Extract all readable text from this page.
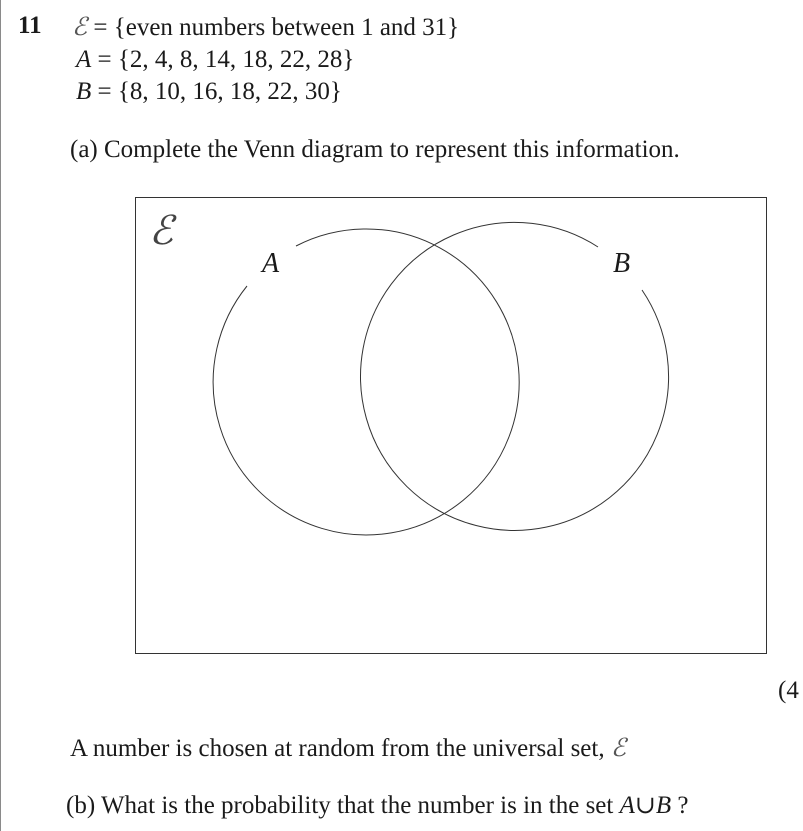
11 ℰ = {even numbers between 1 and 31}
A = {2, 4, 8, 14, 18, 22, 28}
B = {8, 10, 16, 18, 22, 30}
(a) Complete the Venn diagram to represent this information.
ℰ
A	B
(4
A number is chosen at random from the universal set, ℰ
(b) What is the probability that the number is in the set A∪B ?
